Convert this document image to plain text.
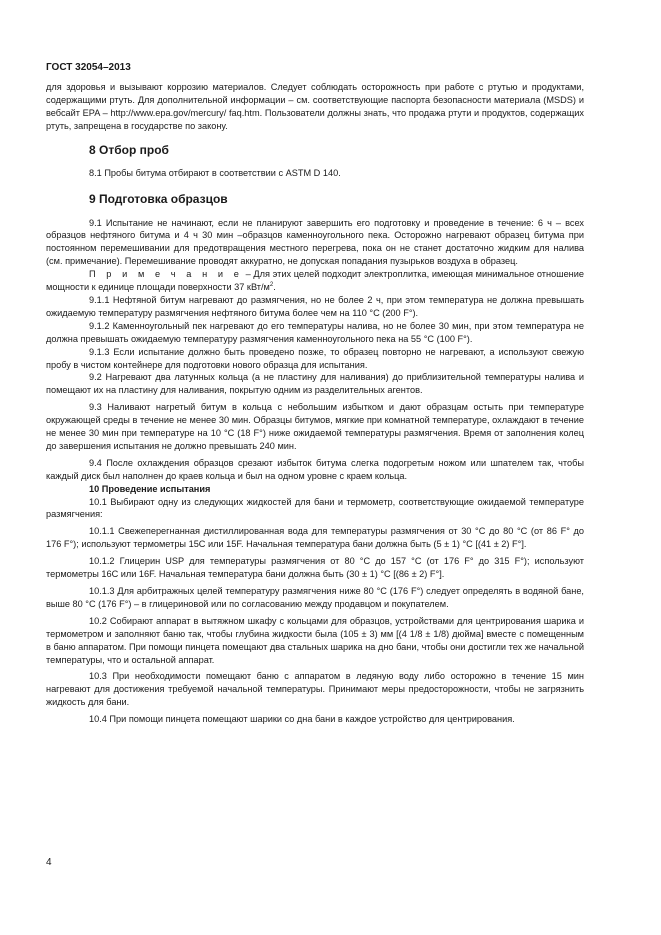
ГОСТ 32054–2013

для здоровья и вызывают коррозию материалов. Следует соблюдать осторожность при работе с ртутью и продуктами, содержащими ртуть. Для дополнительной информации – см. соответствующие паспорта безопасности материала (MSDS) и вебсайт EPA – http://www.epa.gov/mercury/ faq.htm. Пользователи должны знать, что продажа ртути и продуктов, содержащих ртуть, запрещена в государстве по закону.

8 Отбор проб

8.1 Пробы битума отбирают в соответствии с ASTM D 140.

9 Подготовка образцов

9.1 Испытание не начинают, если не планируют завершить его подготовку и проведение в течение: 6 ч – всех образцов нефтяного битума и 4 ч 30 мин –образцов каменноугольного пека. Осторожно нагревают образец битума при постоянном перемешивании для предотвращения местного перегрева, пока он не станет достаточно жидким для налива (см. примечание). Перемешивание проводят аккуратно, не допуская попадания пузырьков воздуха в образец.

П р и м е ч а н и е – Для этих целей подходит электроплитка, имеющая минимальное отношение мощности к единице площади поверхности 37 кВт/$м^2$.

9.1.1 Нефтяной битум нагревают до размягчения, но не более 2 ч, при этом температура не должна превышать ожидаемую температуру размягчения нефтяного битума более чем на 110 °С (200 F°).

9.1.2 Каменноугольный пек нагревают до его температуры налива, но не более 30 мин, при этом температура не должна превышать ожидаемую температуру размягчения каменноугольного пека на 55 °С (100 F°).

9.1.3 Если испытание должно быть проведено позже, то образец повторно не нагревают, а используют свежую пробу в чистом контейнере для подготовки нового образца для испытания.

9.2 Нагревают два латунных кольца (а не пластину для наливания) до приблизительной температуры налива и помещают их на пластину для наливания, покрытую одним из разделительных агентов.

9.3 Наливают нагретый битум в кольца с небольшим избытком и дают образцам остыть при температуре окружающей среды в течение не менее 30 мин. Образцы битумов, мягкие при комнатной температуре, охлаждают в течение не менее 30 мин при температуре на 10 °С (18 F°) ниже ожидаемой температуры размягчения. Время от заполнения колец до завершения испытания не должно превышать 240 мин.

9.4 После охлаждения образцов срезают избыток битума слегка подогретым ножом или шпателем так, чтобы каждый диск был наполнен до краев кольца и был на одном уровне с краем кольца.

10 Проведение испытания

10.1 Выбирают одну из следующих жидкостей для бани и термометр, соответствующие ожидаемой температуре размягчения:

10.1.1 Свежеперегнанная дистиллированная вода для температуры размягчения от 30 °С до 80 °С (от 86 F° до 176 F°); используют термометры 15С или 15F. Начальная температура бани должна быть (5 ± 1) °С [(41 ± 2) F°].

10.1.2 Глицерин USP для температуры размягчения от 80 °С до 157 °С (от 176 F° до 315 F°); используют термометры 16С или 16F. Начальная температура бани должна быть (30 ± 1) °С [(86 ± 2) F°].

10.1.3 Для арбитражных целей температуру размягчения ниже 80 °С (176 F°) следует определять в водяной бане, выше 80 °С (176 F°) – в глицериновой или по согласованию между продавцом и покупателем.

10.2 Собирают аппарат в вытяжном шкафу с кольцами для образцов, устройствами для центрирования шарика и термометром и заполняют баню так, чтобы глубина жидкости была (105 ± 3) мм [(4 1/8 ± 1/8) дюйма] вместе с помещенным в баню аппаратом. При помощи пинцета помещают два стальных шарика на дно бани, чтобы они достигли тех же начальной температуры, что и остальной аппарат.

10.3 При необходимости помещают баню с аппаратом в ледяную воду либо осторожно в течение 15 мин нагревают для достижения требуемой начальной температуры. Принимают меры предосторожности, чтобы не загрязнить жидкость для бани.

10.4 При помощи пинцета помещают шарики со дна бани в каждое устройство для центрирования.

4
